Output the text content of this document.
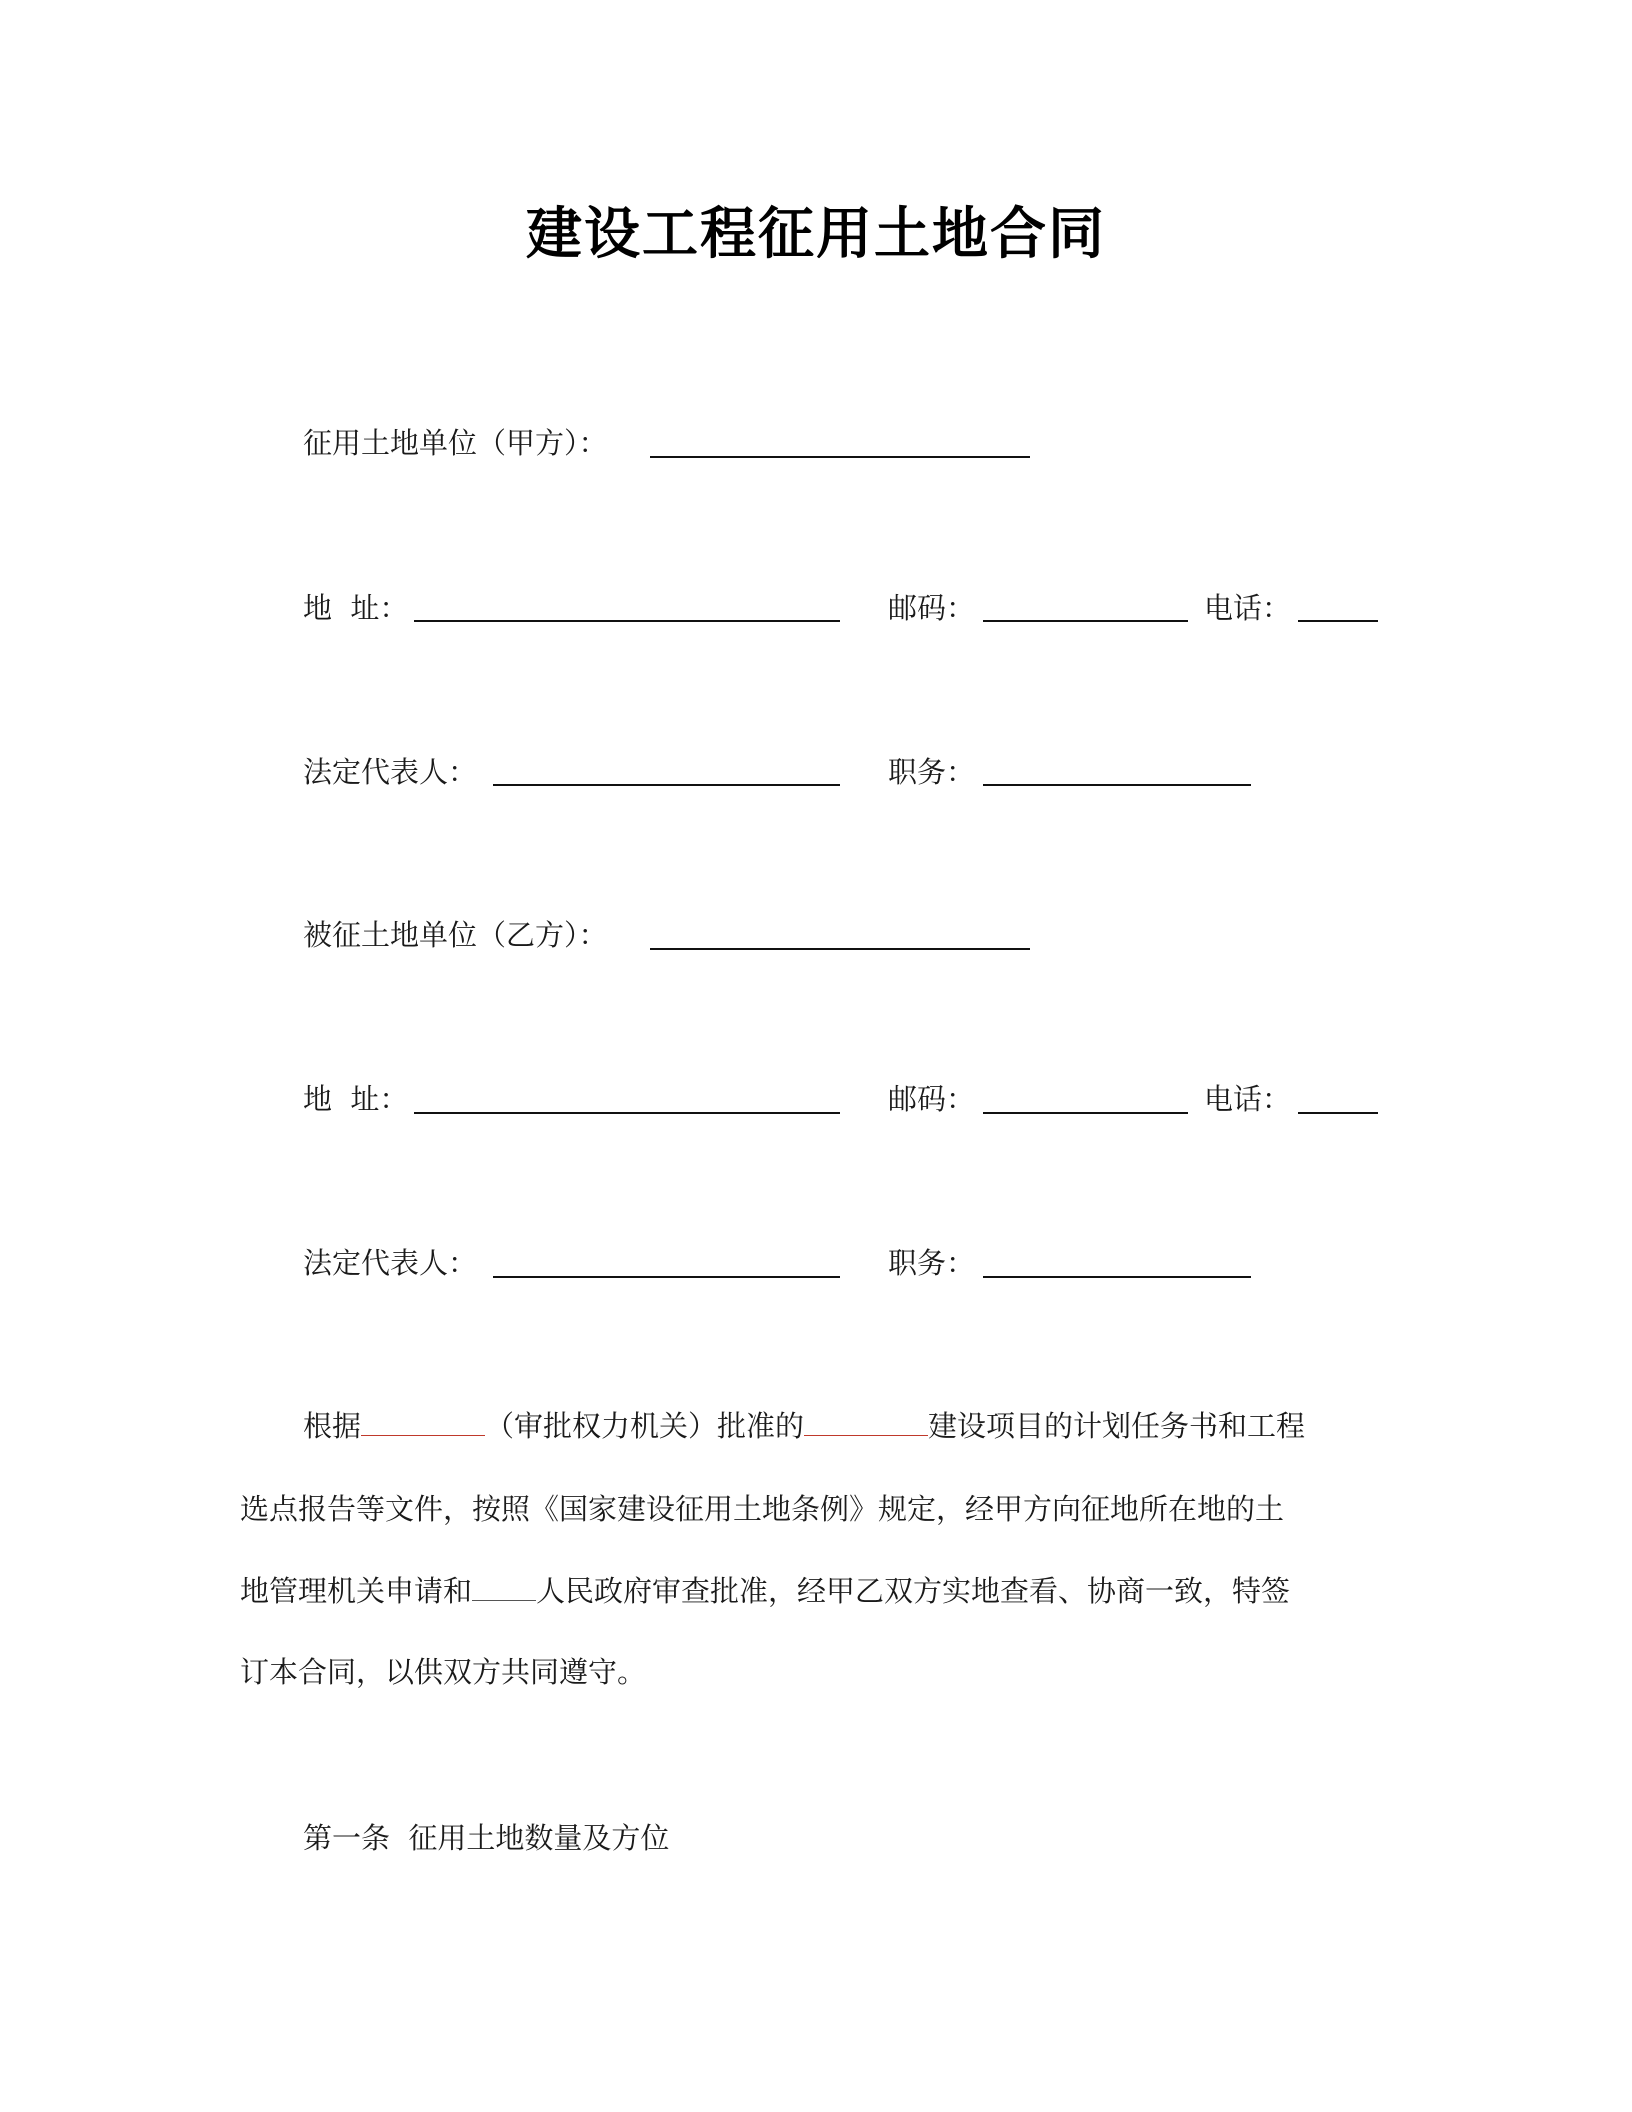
建设工程征用土地合同
征用土地单位（甲方）：
地  址：	邮码：	电话：
法定代表人：	职务：
被征土地单位（乙方）：
地  址：	邮码：	电话：
法定代表人：	职务：
根据	（审批权力机关）批准的	建设项目的计划任务书和工程
选点报告等文件，按照《国家建设征用土地条例》规定，经甲方向征地所在地的土
地管理机关申请和 人民政府审查批准，经甲乙双方实地查看、协商一致，特签
订本合同，以供双方共同遵守。
第一条  征用土地数量及方位
